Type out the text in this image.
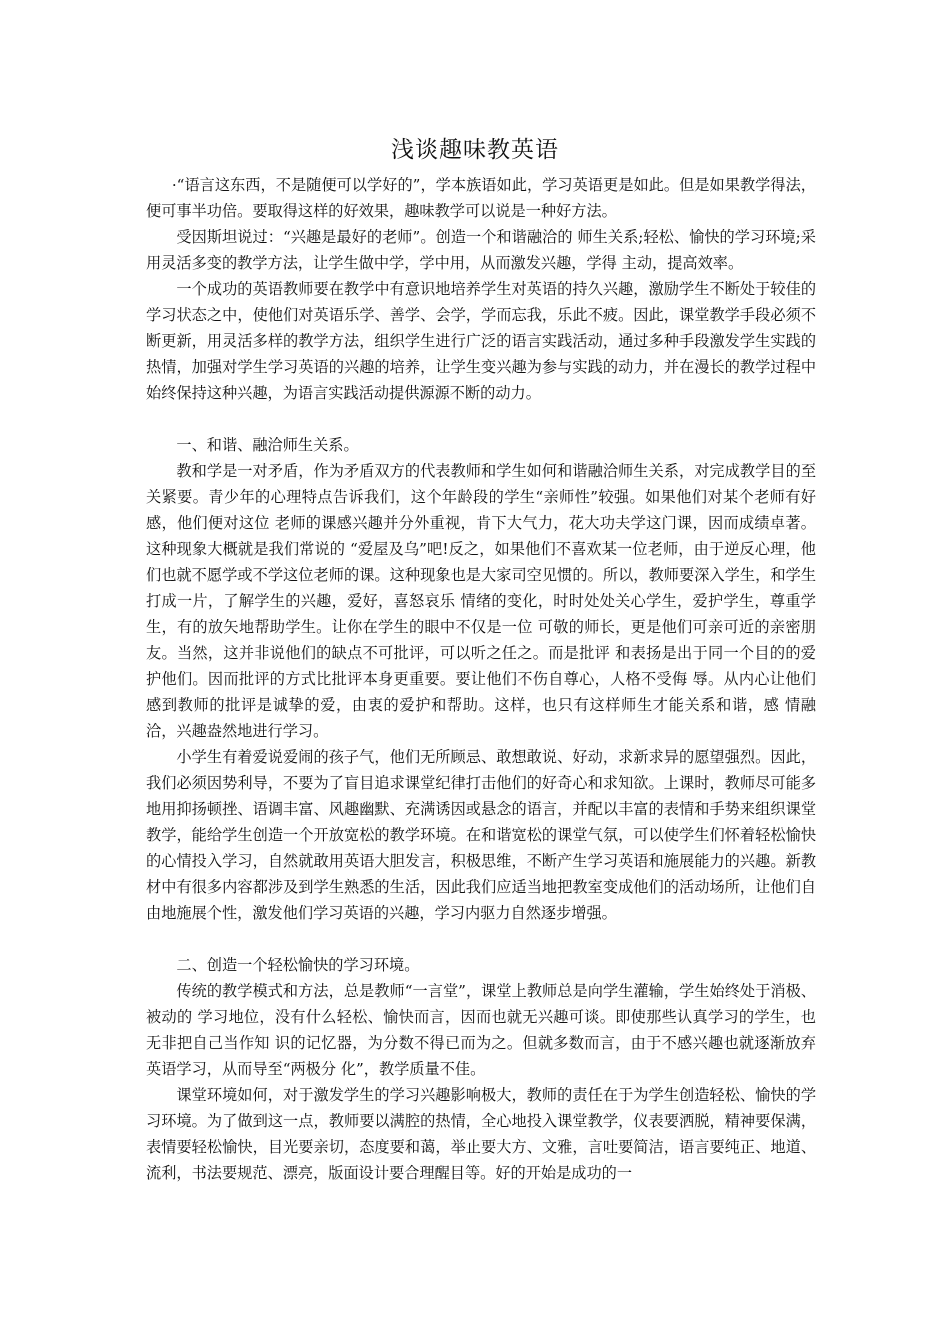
浅谈趣味教英语

·“语言这东西，不是随便可以学好的”，学本族语如此，学习英语更是如此。但是如果教学得法，便可事半功倍。要取得这样的好效果，趣味教学可以说是一种好方法。

受因斯坦说过：“兴趣是最好的老师”。创造一个和谐融洽的 师生关系;轻松、愉快的学习环境;采用灵活多变的教学方法，让学生做中学，学中用，从而激发兴趣，学得 主动，提高效率。

一个成功的英语教师要在教学中有意识地培养学生对英语的持久兴趣，激励学生不断处于较佳的学习状态之中，使他们对英语乐学、善学、会学，学而忘我，乐此不疲。因此，课堂教学手段必须不断更新，用灵活多样的教学方法，组织学生进行广泛的语言实践活动，通过多种手段激发学生实践的热情，加强对学生学习英语的兴趣的培养，让学生变兴趣为参与实践的动力，并在漫长的教学过程中始终保持这种兴趣，为语言实践活动提供源源不断的动力。

一、和谐、融洽师生关系。

教和学是一对矛盾，作为矛盾双方的代表教师和学生如何和谐融洽师生关系，对完成教学目的至关紧要。青少年的心理特点告诉我们，这个年龄段的学生“亲师性”较强。如果他们对某个老师有好感，他们便对这位 老师的课感兴趣并分外重视，肯下大气力，花大功夫学这门课，因而成绩卓著。这种现象大概就是我们常说的 “爱屋及乌”吧!反之，如果他们不喜欢某一位老师，由于逆反心理，他们也就不愿学或不学这位老师的课。这种现象也是大家司空见惯的。所以，教师要深入学生，和学生打成一片，了解学生的兴趣，爱好，喜怒哀乐 情绪的变化，时时处处关心学生，爱护学生，尊重学生，有的放矢地帮助学生。让你在学生的眼中不仅是一位 可敬的师长，更是他们可亲可近的亲密朋友。当然，这并非说他们的缺点不可批评，可以听之任之。而是批评 和表扬是出于同一个目的的爱护他们。因而批评的方式比批评本身更重要。要让他们不伤自尊心，人格不受侮 辱。从内心让他们感到教师的批评是诚挚的爱，由衷的爱护和帮助。这样，也只有这样师生才能关系和谐，感 情融洽，兴趣盎然地进行学习。

小学生有着爱说爱闹的孩子气，他们无所顾忌、敢想敢说、好动，求新求异的愿望强烈。因此，我们必须因势利导，不要为了盲目追求课堂纪律打击他们的好奇心和求知欲。上课时，教师尽可能多地用抑扬顿挫、语调丰富、风趣幽默、充满诱因或悬念的语言，并配以丰富的表情和手势来组织课堂教学，能给学生创造一个开放宽松的教学环境。在和谐宽松的课堂气氛，可以使学生们怀着轻松愉快的心情投入学习，自然就敢用英语大胆发言，积极思维，不断产生学习英语和施展能力的兴趣。新教材中有很多内容都涉及到学生熟悉的生活，因此我们应适当地把教室变成他们的活动场所，让他们自由地施展个性，激发他们学习英语的兴趣，学习内驱力自然逐步增强。

二、创造一个轻松愉快的学习环境。

传统的教学模式和方法，总是教师“一言堂”，课堂上教师总是向学生灌输，学生始终处于消极、被动的 学习地位，没有什么轻松、愉快而言，因而也就无兴趣可谈。即使那些认真学习的学生，也无非把自己当作知 识的记忆器，为分数不得已而为之。但就多数而言，由于不感兴趣也就逐渐放弃英语学习，从而导至“两极分 化”，教学质量不佳。

课堂环境如何，对于激发学生的学习兴趣影响极大，教师的责任在于为学生创造轻松、愉快的学习环境。为了做到这一点，教师要以满腔的热情，全心地投入课堂教学，仪表要洒脱，精神要保满，表情要轻松愉快，目光要亲切，态度要和蔼，举止要大方、文雅，言吐要简洁，语言要纯正、地道、流利，书法要规范、漂亮，版面设计要合理醒目等。好的开始是成功的一
